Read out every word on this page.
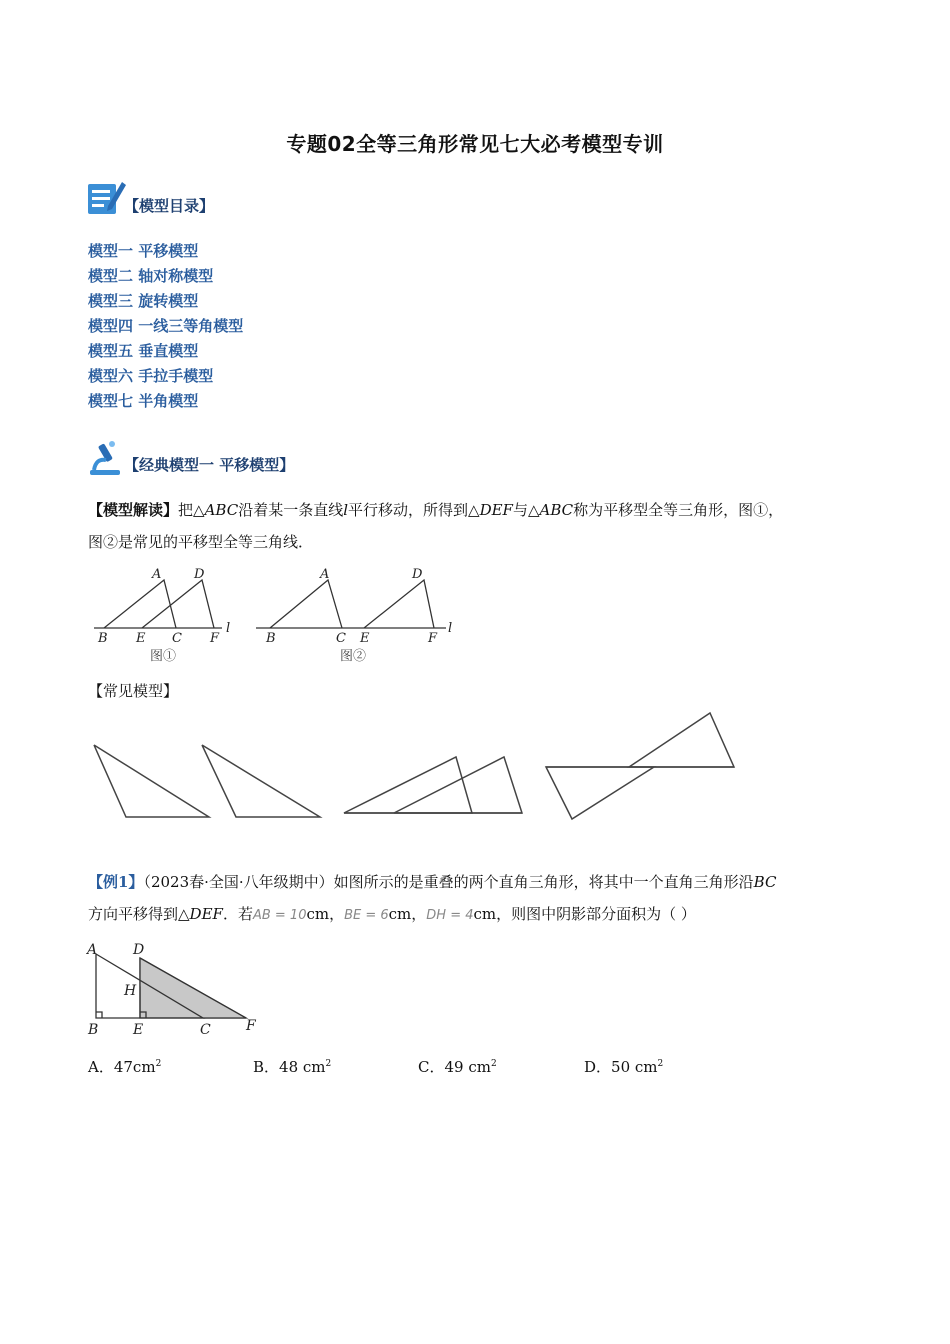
专题02全等三角形常见七大必考模型专训
【模型目录】
模型一 平移模型
模型二 轴对称模型
模型三 旋转模型
模型四 一线三等角模型
模型五 垂直模型
模型六 手拉手模型
模型七 半角模型
【经典模型一 平移模型】
【模型解读】把△ABC沿着某一条直线l平行移动，所得到△DEF与△ABC称为平移型全等三角形，图①，
图②是常见的平移型全等三角线．
A	D
B E C F
l
A	D
B	C E	F
l
图①	图②
【常见模型】
【例1】（2023春·全国·八年级期中）如图所示的是重叠的两个直角三角形，将其中一个直角三角形沿BC
方向平移得到△DEF．若AB = 10cm，BE = 6cm，DH = 4cm，则图中阴影部分面积为（ ）
A	D
H
B E	C	F
A．$47cm^2$	B．48 $cm^2$	C．49 $cm^2$	D．50 $cm^2$
